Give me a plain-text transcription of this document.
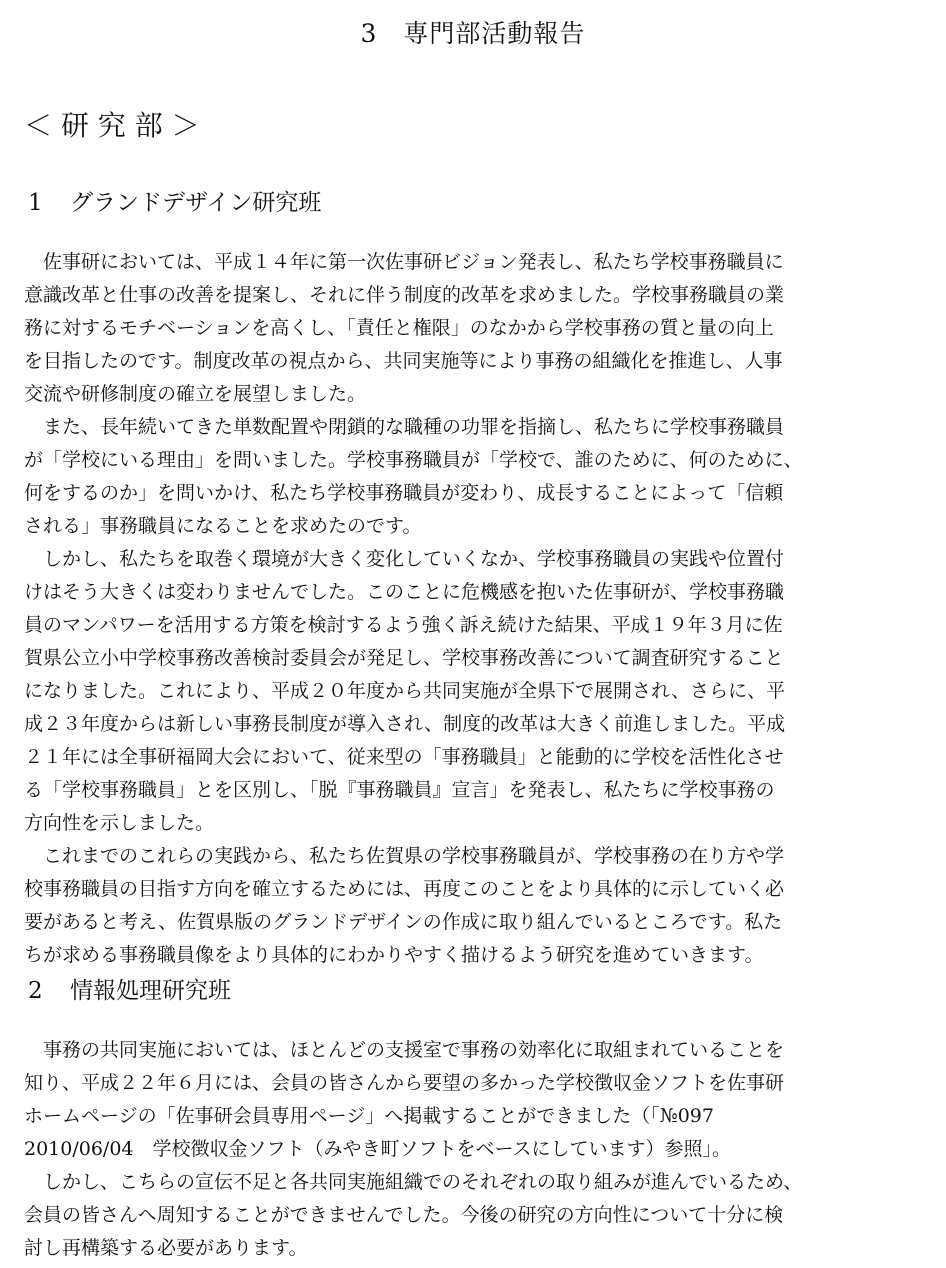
3　専門部活動報告
＜ 研 究 部 ＞
1 グランドデザイン研究班
　佐事研においては、平成１４年に第一次佐事研ビジョン発表し、私たち学校事務職員に
意識改革と仕事の改善を提案し、それに伴う制度的改革を求めました。学校事務職員の業
務に対するモチベーションを高くし、「責任と権限」のなかから学校事務の質と量の向上
を目指したのです。制度改革の視点から、共同実施等により事務の組織化を推進し、人事
交流や研修制度の確立を展望しました。
　また、長年続いてきた単数配置や閉鎖的な職種の功罪を指摘し、私たちに学校事務職員
が「学校にいる理由」を問いました。学校事務職員が「学校で、誰のために、何のために、
何をするのか」を問いかけ、私たち学校事務職員が変わり、成長することによって「信頼
される」事務職員になることを求めたのです。
　しかし、私たちを取巻く環境が大きく変化していくなか、学校事務職員の実践や位置付
けはそう大きくは変わりませんでした。このことに危機感を抱いた佐事研が、学校事務職
員のマンパワーを活用する方策を検討するよう強く訴え続けた結果、平成１９年３月に佐
賀県公立小中学校事務改善検討委員会が発足し、学校事務改善について調査研究すること
になりました。これにより、平成２０年度から共同実施が全県下で展開され、さらに、平
成２３年度からは新しい事務長制度が導入され、制度的改革は大きく前進しました。平成
２１年には全事研福岡大会において、従来型の「事務職員」と能動的に学校を活性化させ
る「学校事務職員」とを区別し、「脱『事務職員』宣言」を発表し、私たちに学校事務の
方向性を示しました。
　これまでのこれらの実践から、私たち佐賀県の学校事務職員が、学校事務の在り方や学
校事務職員の目指す方向を確立するためには、再度このことをより具体的に示していく必
要があると考え、佐賀県版のグランドデザインの作成に取り組んでいるところです。私た
ちが求める事務職員像をより具体的にわかりやすく描けるよう研究を進めていきます。
2 情報処理研究班
　事務の共同実施においては、ほとんどの支援室で事務の効率化に取組まれていることを
知り、平成２２年６月には、会員の皆さんから要望の多かった学校徴収金ソフトを佐事研
ホームページの「佐事研会員専用ページ」へ掲載することができました（「№097
2010/06/04　学校徴収金ソフト（みやき町ソフトをベースにしています）参照」。
　しかし、こちらの宣伝不足と各共同実施組織でのそれぞれの取り組みが進んでいるため、
会員の皆さんへ周知することができませんでした。今後の研究の方向性について十分に検
討し再構築する必要があります。
